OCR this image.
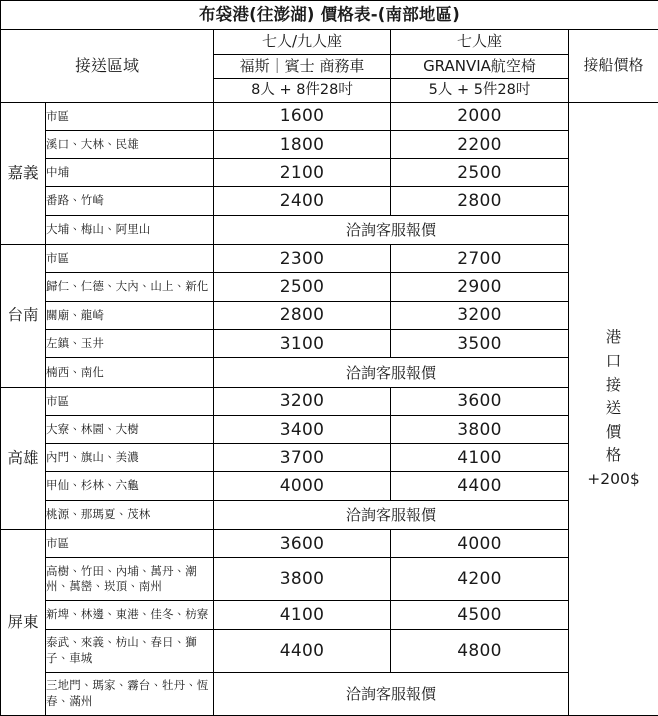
布袋港(往澎湖) 價格表-(南部地區)				
接送區域		七人/九人座	七人座	接船價格
		福斯｜賓士 商務車	GRANVIA航空椅	
		8人 + 8件28吋	5人 + 5件28吋	
嘉義	市區	1600	2000	
港
口
接
送
價
格
+200$

	溪口、大林、民雄	1800	2200	
	中埔	2100	2500	
	番路、竹崎	2400	2800	
	大埔、梅山、阿里山	洽詢客服報價		
台南	市區	2300	2700	
	歸仁、仁德、大內、山上、新化	2500	2900	
	關廟、龍崎	2800	3200	
	左鎮、玉井	3100	3500	
	楠西、南化	洽詢客服報價		
高雄	市區	3200	3600	
	大寮、林園、大樹	3400	3800	
	內門、旗山、美濃	3700	4100	
	甲仙、杉林、六龜	4000	4400	
	桃源、那瑪夏、茂林	洽詢客服報價		
屏東	市區	3600	4000	
	高樹、竹田、內埔、萬丹、潮州、萬巒、崁頂、南州	3800	4200	
	新埤、林邊、東港、佳冬、枋寮	4100	4500	
	泰武、來義、枋山、春日、獅子、車城	4400	4800	
	三地門、瑪家、霧台、牡丹、恆春、滿州	洽詢客服報價		
